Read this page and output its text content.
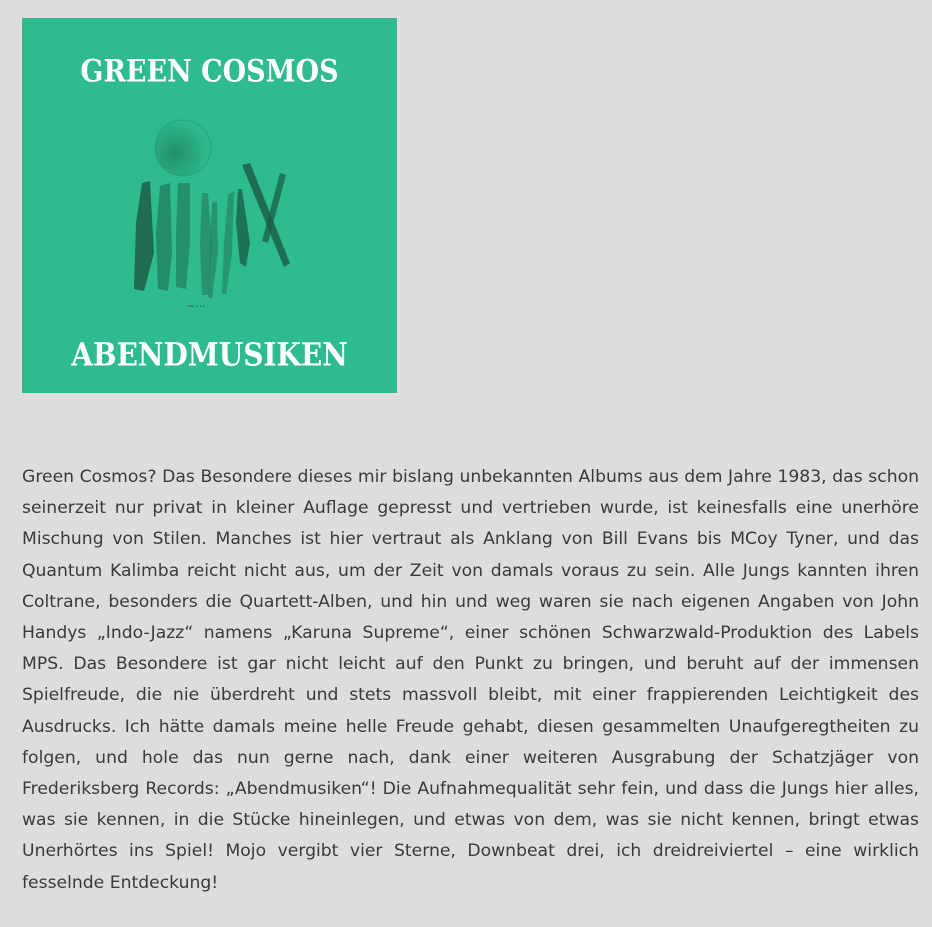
GREEN COSMOS
ᴷᴺᵒ ᵅ ᵃ ᵇ
ABENDMUSIKEN

Green Cosmos? Das Besondere dieses mir bislang unbekannten Albums aus dem Jahre 1983, das schon seinerzeit nur privat in kleiner Auflage gepresst und vertrieben wurde, ist keinesfalls eine unerhöre Mischung von Stilen. Manches ist hier vertraut als Anklang von Bill Evans bis MCoy Tyner, und das Quantum Kalimba reicht nicht aus, um der Zeit von damals voraus zu sein. Alle Jungs kannten ihren Coltrane, besonders die Quartett-Alben, und hin und weg waren sie nach eigenen Angaben von John Handys „Indo-Jazz“ namens „Karuna Supreme“, einer schönen Schwarzwald-Produktion des Labels MPS. Das Besondere ist gar nicht leicht auf den Punkt zu bringen, und beruht auf der immensen Spielfreude, die nie überdreht und stets massvoll bleibt, mit einer frappierenden Leichtigkeit des Ausdrucks. Ich hätte damals meine helle Freude gehabt, diesen gesammelten Unaufgeregtheiten zu folgen, und hole das nun gerne nach, dank einer weiteren Ausgrabung der Schatzjäger von Frederiksberg Records: „Abendmusiken“! Die Aufnahmequalität sehr fein, und dass die Jungs hier alles, was sie kennen, in die Stücke hineinlegen, und etwas von dem, was sie nicht kennen, bringt etwas Unerhörtes ins Spiel! Mojo vergibt vier Sterne, Downbeat drei, ich dreidreiviertel – eine wirklich fesselnde Entdeckung!
